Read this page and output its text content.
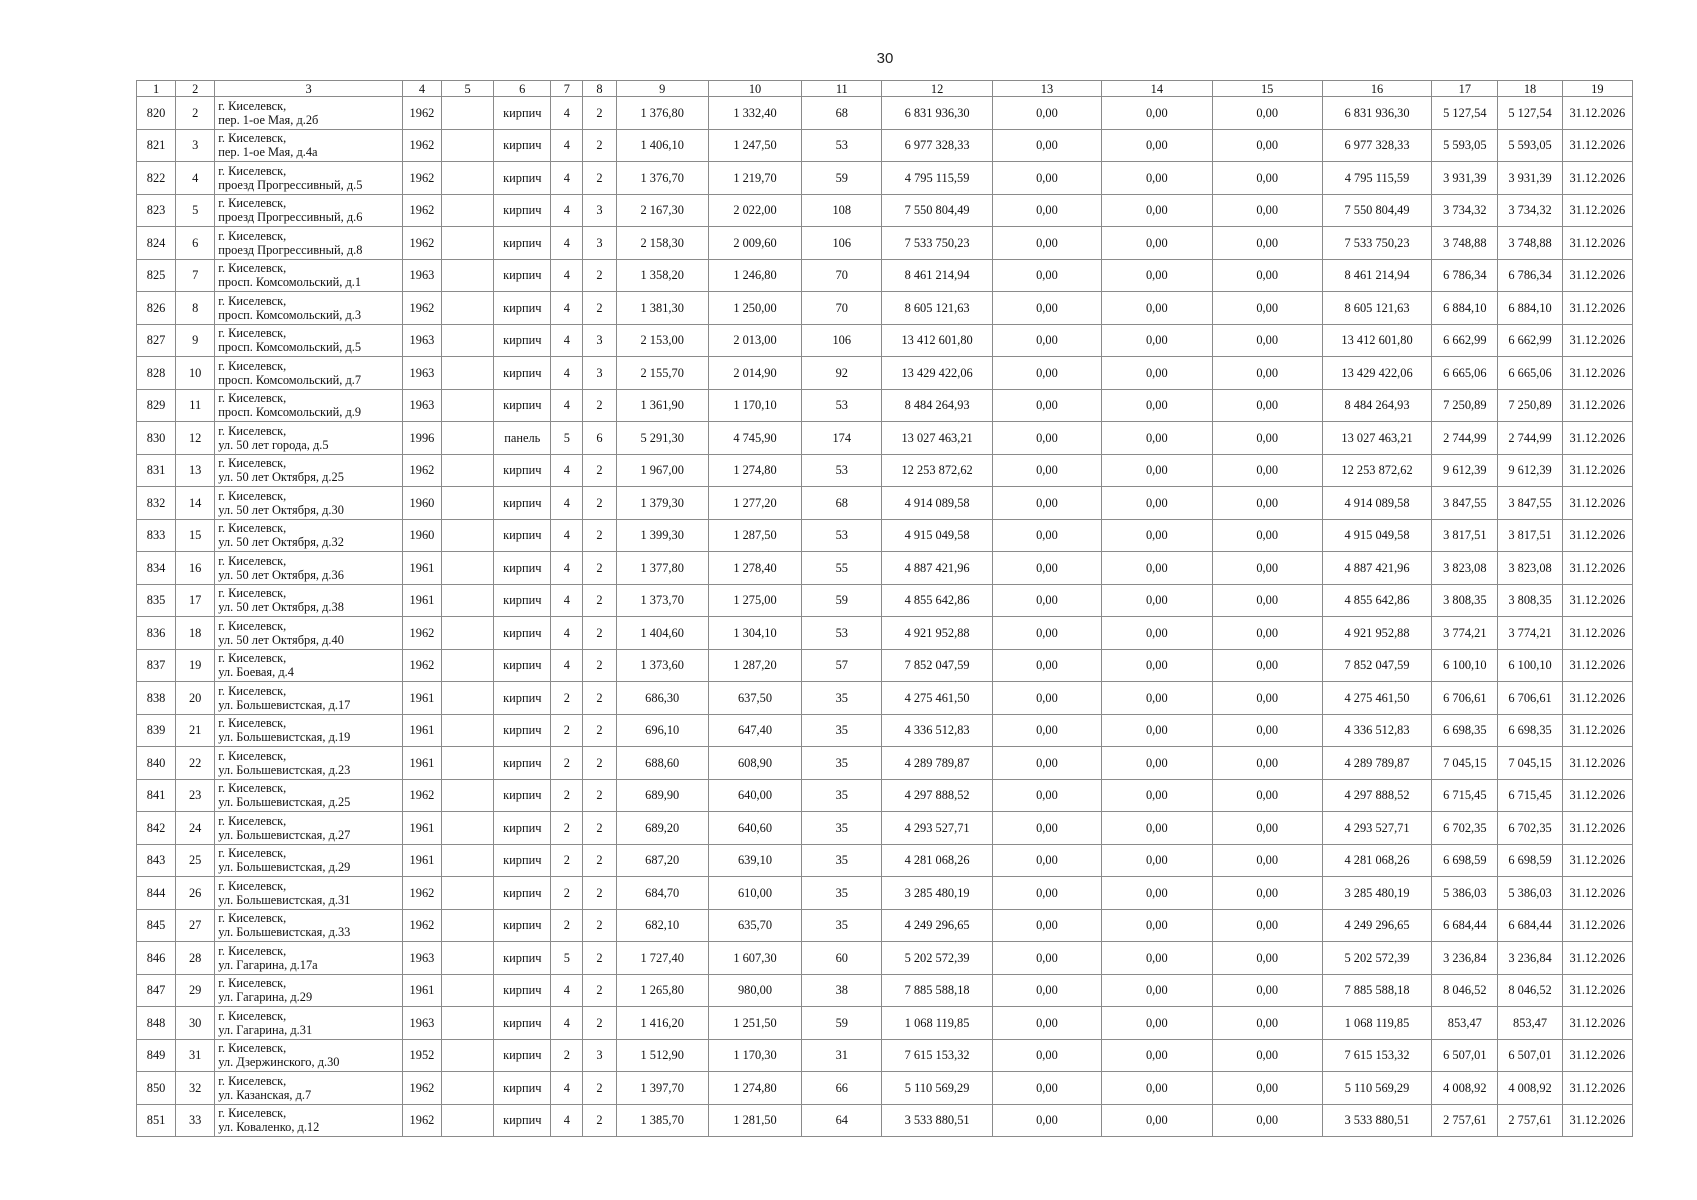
30
1	2	3	4	5	6	7	8	9	10	11	12	13	14	15	16	17	18	19
820	2	г. Киселевск,
пер. 1-ое Мая, д.2б	1962		кирпич	4	2	1 376,80	1 332,40	68	6 831 936,30	0,00	0,00	0,00	6 831 936,30	5 127,54	5 127,54	31.12.2026
821	3	г. Киселевск,
пер. 1-ое Мая, д.4а	1962		кирпич	4	2	1 406,10	1 247,50	53	6 977 328,33	0,00	0,00	0,00	6 977 328,33	5 593,05	5 593,05	31.12.2026
822	4	г. Киселевск,
проезд Прогрессивный, д.5	1962		кирпич	4	2	1 376,70	1 219,70	59	4 795 115,59	0,00	0,00	0,00	4 795 115,59	3 931,39	3 931,39	31.12.2026
823	5	г. Киселевск,
проезд Прогрессивный, д.6	1962		кирпич	4	3	2 167,30	2 022,00	108	7 550 804,49	0,00	0,00	0,00	7 550 804,49	3 734,32	3 734,32	31.12.2026
824	6	г. Киселевск,
проезд Прогрессивный, д.8	1962		кирпич	4	3	2 158,30	2 009,60	106	7 533 750,23	0,00	0,00	0,00	7 533 750,23	3 748,88	3 748,88	31.12.2026
825	7	г. Киселевск,
просп. Комсомольский, д.1	1963		кирпич	4	2	1 358,20	1 246,80	70	8 461 214,94	0,00	0,00	0,00	8 461 214,94	6 786,34	6 786,34	31.12.2026
826	8	г. Киселевск,
просп. Комсомольский, д.3	1962		кирпич	4	2	1 381,30	1 250,00	70	8 605 121,63	0,00	0,00	0,00	8 605 121,63	6 884,10	6 884,10	31.12.2026
827	9	г. Киселевск,
просп. Комсомольский, д.5	1963		кирпич	4	3	2 153,00	2 013,00	106	13 412 601,80	0,00	0,00	0,00	13 412 601,80	6 662,99	6 662,99	31.12.2026
828	10	г. Киселевск,
просп. Комсомольский, д.7	1963		кирпич	4	3	2 155,70	2 014,90	92	13 429 422,06	0,00	0,00	0,00	13 429 422,06	6 665,06	6 665,06	31.12.2026
829	11	г. Киселевск,
просп. Комсомольский, д.9	1963		кирпич	4	2	1 361,90	1 170,10	53	8 484 264,93	0,00	0,00	0,00	8 484 264,93	7 250,89	7 250,89	31.12.2026
830	12	г. Киселевск,
ул. 50 лет города, д.5	1996		панель	5	6	5 291,30	4 745,90	174	13 027 463,21	0,00	0,00	0,00	13 027 463,21	2 744,99	2 744,99	31.12.2026
831	13	г. Киселевск,
ул. 50 лет Октября, д.25	1962		кирпич	4	2	1 967,00	1 274,80	53	12 253 872,62	0,00	0,00	0,00	12 253 872,62	9 612,39	9 612,39	31.12.2026
832	14	г. Киселевск,
ул. 50 лет Октября, д.30	1960		кирпич	4	2	1 379,30	1 277,20	68	4 914 089,58	0,00	0,00	0,00	4 914 089,58	3 847,55	3 847,55	31.12.2026
833	15	г. Киселевск,
ул. 50 лет Октября, д.32	1960		кирпич	4	2	1 399,30	1 287,50	53	4 915 049,58	0,00	0,00	0,00	4 915 049,58	3 817,51	3 817,51	31.12.2026
834	16	г. Киселевск,
ул. 50 лет Октября, д.36	1961		кирпич	4	2	1 377,80	1 278,40	55	4 887 421,96	0,00	0,00	0,00	4 887 421,96	3 823,08	3 823,08	31.12.2026
835	17	г. Киселевск,
ул. 50 лет Октября, д.38	1961		кирпич	4	2	1 373,70	1 275,00	59	4 855 642,86	0,00	0,00	0,00	4 855 642,86	3 808,35	3 808,35	31.12.2026
836	18	г. Киселевск,
ул. 50 лет Октября, д.40	1962		кирпич	4	2	1 404,60	1 304,10	53	4 921 952,88	0,00	0,00	0,00	4 921 952,88	3 774,21	3 774,21	31.12.2026
837	19	г. Киселевск,
ул. Боевая, д.4	1962		кирпич	4	2	1 373,60	1 287,20	57	7 852 047,59	0,00	0,00	0,00	7 852 047,59	6 100,10	6 100,10	31.12.2026
838	20	г. Киселевск,
ул. Большевистская, д.17	1961		кирпич	2	2	686,30	637,50	35	4 275 461,50	0,00	0,00	0,00	4 275 461,50	6 706,61	6 706,61	31.12.2026
839	21	г. Киселевск,
ул. Большевистская, д.19	1961		кирпич	2	2	696,10	647,40	35	4 336 512,83	0,00	0,00	0,00	4 336 512,83	6 698,35	6 698,35	31.12.2026
840	22	г. Киселевск,
ул. Большевистская, д.23	1961		кирпич	2	2	688,60	608,90	35	4 289 789,87	0,00	0,00	0,00	4 289 789,87	7 045,15	7 045,15	31.12.2026
841	23	г. Киселевск,
ул. Большевистская, д.25	1962		кирпич	2	2	689,90	640,00	35	4 297 888,52	0,00	0,00	0,00	4 297 888,52	6 715,45	6 715,45	31.12.2026
842	24	г. Киселевск,
ул. Большевистская, д.27	1961		кирпич	2	2	689,20	640,60	35	4 293 527,71	0,00	0,00	0,00	4 293 527,71	6 702,35	6 702,35	31.12.2026
843	25	г. Киселевск,
ул. Большевистская, д.29	1961		кирпич	2	2	687,20	639,10	35	4 281 068,26	0,00	0,00	0,00	4 281 068,26	6 698,59	6 698,59	31.12.2026
844	26	г. Киселевск,
ул. Большевистская, д.31	1962		кирпич	2	2	684,70	610,00	35	3 285 480,19	0,00	0,00	0,00	3 285 480,19	5 386,03	5 386,03	31.12.2026
845	27	г. Киселевск,
ул. Большевистская, д.33	1962		кирпич	2	2	682,10	635,70	35	4 249 296,65	0,00	0,00	0,00	4 249 296,65	6 684,44	6 684,44	31.12.2026
846	28	г. Киселевск,
ул. Гагарина, д.17а	1963		кирпич	5	2	1 727,40	1 607,30	60	5 202 572,39	0,00	0,00	0,00	5 202 572,39	3 236,84	3 236,84	31.12.2026
847	29	г. Киселевск,
ул. Гагарина, д.29	1961		кирпич	4	2	1 265,80	980,00	38	7 885 588,18	0,00	0,00	0,00	7 885 588,18	8 046,52	8 046,52	31.12.2026
848	30	г. Киселевск,
ул. Гагарина, д.31	1963		кирпич	4	2	1 416,20	1 251,50	59	1 068 119,85	0,00	0,00	0,00	1 068 119,85	853,47	853,47	31.12.2026
849	31	г. Киселевск,
ул. Дзержинского, д.30	1952		кирпич	2	3	1 512,90	1 170,30	31	7 615 153,32	0,00	0,00	0,00	7 615 153,32	6 507,01	6 507,01	31.12.2026
850	32	г. Киселевск,
ул. Казанская, д.7	1962		кирпич	4	2	1 397,70	1 274,80	66	5 110 569,29	0,00	0,00	0,00	5 110 569,29	4 008,92	4 008,92	31.12.2026
851	33	г. Киселевск,
ул. Коваленко, д.12	1962		кирпич	4	2	1 385,70	1 281,50	64	3 533 880,51	0,00	0,00	0,00	3 533 880,51	2 757,61	2 757,61	31.12.2026
